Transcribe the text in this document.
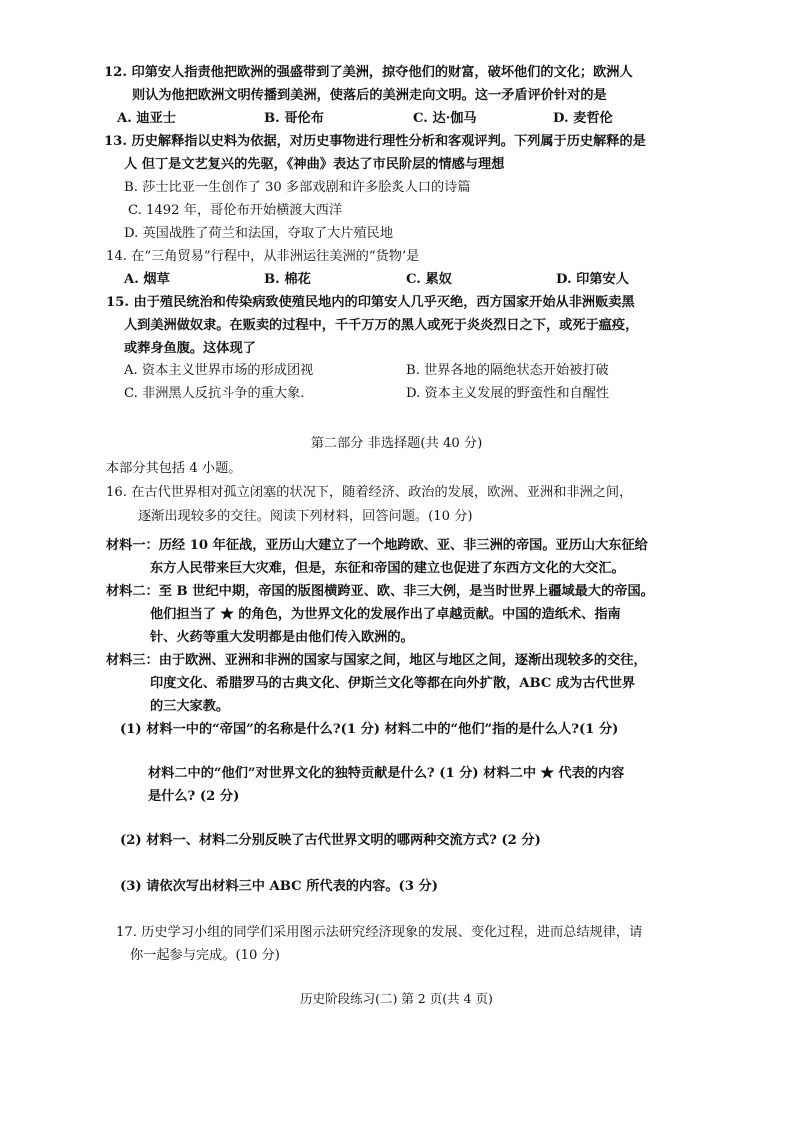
12. 印第安人指责他把欧洲的强盛带到了美洲，掠夺他们的财富，破坏他们的文化；欧洲人
则认为他把欧洲文明传播到美洲，使落后的美洲走向文明。这一矛盾评价针对的是
A. 迪亚士	B. 哥伦布	C. 达·伽马	D. 麦哲伦
13. 历史解释指以史料为依据，对历史事物进行理性分析和客观评判。下列属于历史解释的是
人 但丁是文艺复兴的先驱，《神曲》表达了市民阶层的情感与理想
B. 莎士比亚一生创作了 30 多部戏剧和许多脍炙人口的诗篇
C. 1492 年，哥伦布开始横渡大西洋
D. 英国战胜了荷兰和法国，夺取了大片殖民地
14. 在“三角贸易”行程中，从非洲运往美洲的“货物’是
A. 烟草	B. 棉花	C. 累奴	D. 印第安人
15. 由于殖民统治和传染病致使殖民地内的印第安人几乎灭绝，西方国家开始从非洲贩卖黑
人到美洲做奴隶。在贩卖的过程中，千千万万的黑人或死于炎炎烈日之下，或死于瘟疫，
或葬身鱼腹。这体现了
A. 资本主义世界市场的形成团视	B. 世界各地的隔绝状态开始被打破
C. 非洲黑人反抗斗争的重大象.	D. 资本主义发展的野蛮性和自醒性
第二部分 非选择题(共 40 分)
本部分其包括 4 小题。
16. 在古代世界相对孤立闭塞的状况下，随着经济、政治的发展，欧洲、亚洲和非洲之间，
逐渐出现较多的交往。阅读下列材料，回答问题。(10 分)
材料一：历经 10 年征战，亚历山大建立了一个地跨欧、亚、非三洲的帝国。亚历山大东征给
东方人民带来巨大灾难，但是，东征和帝国的建立也促进了东西方文化的大交汇。
材料二：至 B 世纪中期，帝国的版图横跨亚、欧、非三大例，是当时世界上疆域最大的帝国。
他们担当了 ★ 的角色，为世界文化的发展作出了卓越贡献。中国的造纸术、指南
针、火药等重大发明都是由他们传入欧洲的。
材料三：由于欧洲、亚洲和非洲的国家与国家之间，地区与地区之间，逐渐出现较多的交往，
印度文化、希腊罗马的古典文化、伊斯兰文化等都在向外扩散，ABC 成为古代世界
的三大家教。
(1) 材料一中的“帝国”的名称是什么?(1 分) 材料二中的“他们”指的是什么人?(1 分)
材料二中的“他们”对世界文化的独特贡献是什么? (1 分) 材料二中 ★ 代表的内容
是什么? (2 分)
(2) 材料一、材料二分别反映了古代世界文明的哪两种交流方式? (2 分)
(3) 请依次写出材料三中 ABC 所代表的内容。(3 分)
17. 历史学习小组的同学们采用图示法研究经济现象的发展、变化过程，进而总结规律，请
你一起参与完成。(10 分)
历史阶段练习(二) 第 2 页(共 4 页)
